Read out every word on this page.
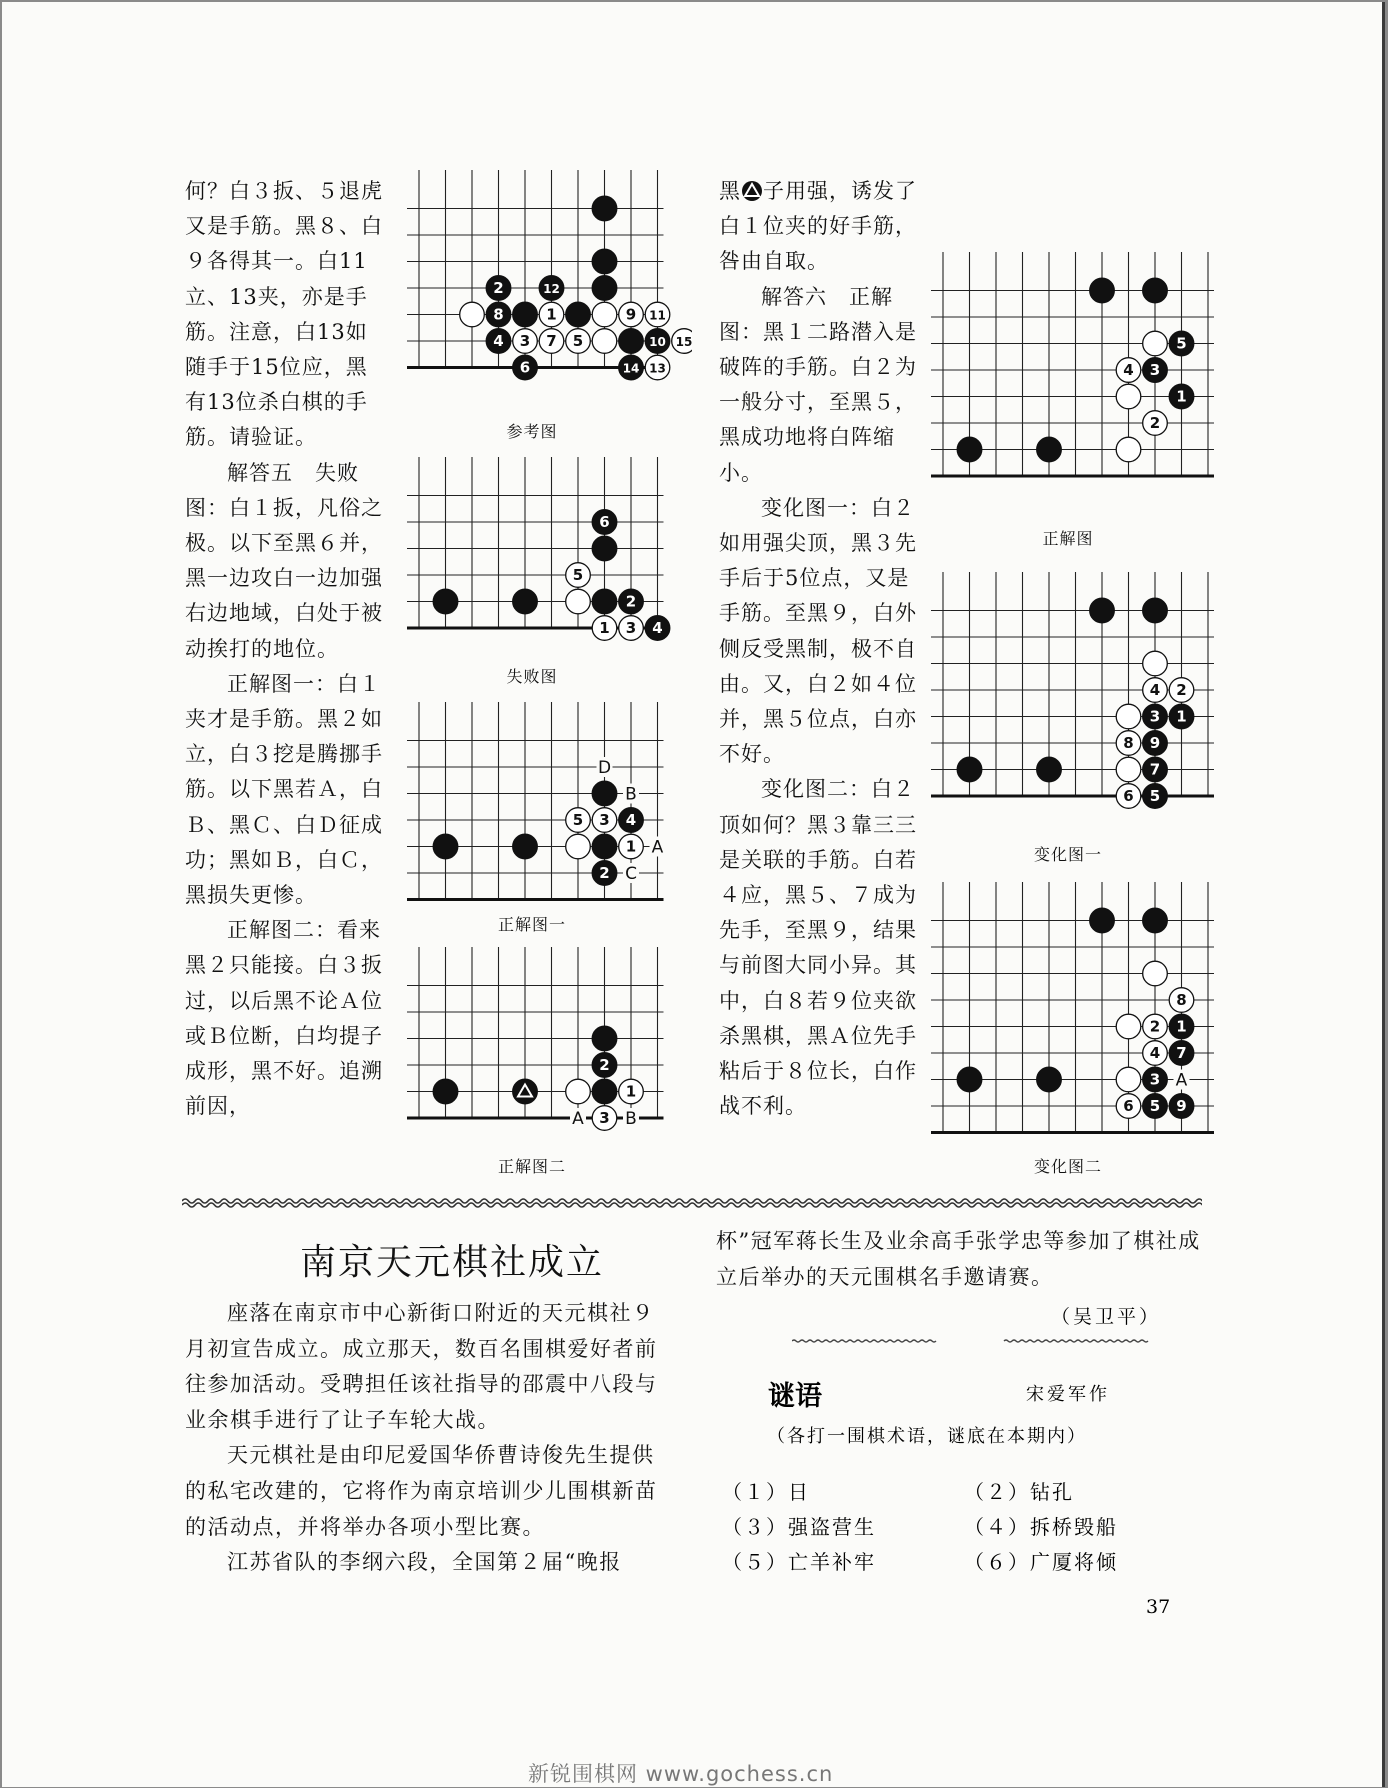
何？白３扳、５退虎又是手筋。黑８、白９各得其一。白11立、13夹，亦是手筋。注意，白13如随手于15位应，黑有13位杀白棋的手筋。请验证。

解答五　失败图：白１扳，凡俗之极。以下至黑６并，黑一边攻白一边加强右边地域，白处于被动挨打的地位。

正解图一：白１夹才是手筋。黑２如立，白３挖是腾挪手筋。以下黑若Ａ，白Ｂ、黑Ｃ、白Ｄ征成功；黑如Ｂ，白Ｃ，黑损失更惨。

正解图二：看来黑２只能接。白３扳过，以后黑不论Ａ位或Ｂ位断，白均提子成形，黑不好。追溯前因，

黑 子用强，诱发了白１位夹的好手筋，咎由自取。

解答六　正解图：黑１二路潜入是破阵的手筋。白２为一般分寸，至黑５，黑成功地将白阵缩小。

变化图一：白２如用强尖顶，黑３先手后于5位点，又是手筋。至黑９，白外侧反受黑制，极不自由。又，白２如４位并，黑５位点，白亦不好。

变化图二：白２顶如何？黑３靠三三是关联的手筋。白若４应，黑５、７成为先手，至黑９，结果与前图大同小异。其中，白８若９位夹欲杀黑棋，黑Ａ位先手粘后于８位长，白作战不利。

2	12
8	1	9 11
4 3 7 5	10 15
6	14 13
参考图
6
5
2
1 3 4
失败图
5 3 4
1
2
D
B
A
C
正解图一
2
1
3
A B
正解图二
5
4 3
1
2
正解图
4 2
3 1
8 9
7
6 5
变化图一
8
2 1
4 7
3
6 5 9
A
变化图二
南京天元棋社成立

座落在南京市中心新街口附近的天元棋社９月初宣告成立。成立那天，数百名围棋爱好者前往参加活动。受聘担任该社指导的邵震中八段与业余棋手进行了让子车轮大战。

天元棋社是由印尼爱国华侨曹诗俊先生提供的私宅改建的，它将作为南京培训少儿围棋新苗的活动点，并将举办各项小型比赛。

江苏省队的李纲六段，全国第２届“晚报

杯”冠军蒋长生及业余高手张学忠等参加了棋社成立后举办的天元围棋名手邀请赛。

（吴卫平）
谜语	宋爱军作
（各打一围棋术语，谜底在本期内）
（１）日	（２）钻孔
（３）强盗营生	（４）拆桥毁船
（５）亡羊补牢	（６）广厦将倾
37
新锐围棋网 www.gochess.cn
